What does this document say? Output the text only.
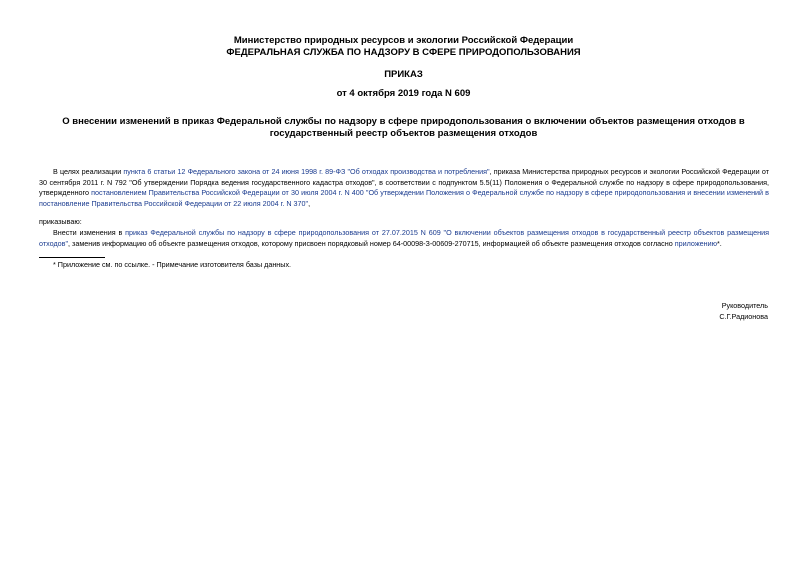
Министерство природных ресурсов и экологии Российской Федерации
ФЕДЕРАЛЬНАЯ СЛУЖБА ПО НАДЗОРУ В СФЕРЕ ПРИРОДОПОЛЬЗОВАНИЯ
ПРИКАЗ
от 4 октября 2019 года N 609
О внесении изменений в приказ Федеральной службы по надзору в сфере природопользования о включении объектов размещения отходов в государственный реестр объектов размещения отходов
В целях реализации пункта 6 статьи 12 Федерального закона от 24 июня 1998 г. 89-ФЗ "Об отходах производства и потребления", приказа Министерства природных ресурсов и экологии Российской Федерации от 30 сентября 2011 г. N 792 "Об утверждении Порядка ведения государственного кадастра отходов", в соответствии с подпунктом 5.5(11) Положения о Федеральной службе по надзору в сфере природопользования, утвержденного постановлением Правительства Российской Федерации от 30 июля 2004 г. N 400 "Об утверждении Положения о Федеральной службе по надзору в сфере природопользования и внесении изменений в постановление Правительства Российской Федерации от 22 июля 2004 г. N 370",
приказываю:
Внести изменения в приказ Федеральной службы по надзору в сфере природопользования от 27.07.2015 N 609 "О включении объектов размещения отходов в государственный реестр объектов размещения отходов", заменив информацию об объекте размещения отходов, которому присвоен порядковый номер 64-00098-З-00609-270715, информацией об объекте размещения отходов согласно приложению*.
* Приложение см. по ссылке. - Примечание изготовителя базы данных.
Руководитель
С.Г.Радионова
